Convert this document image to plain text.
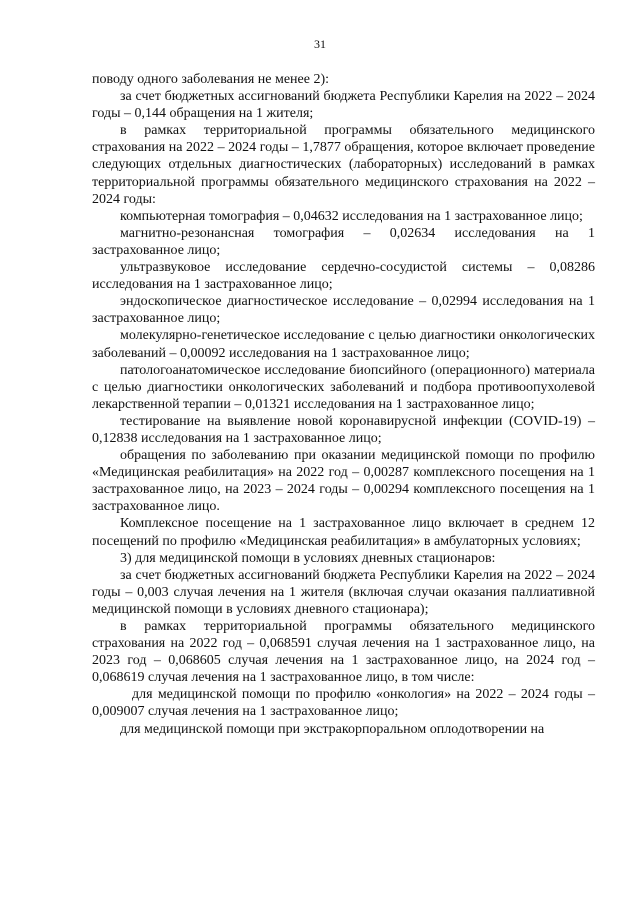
31

поводу одного заболевания не менее 2):

за счет бюджетных ассигнований бюджета Республики Карелия на 2022 – 2024 годы – 0,144 обращения на 1 жителя;

в рамках территориальной программы обязательного медицинского страхования на 2022 – 2024 годы – 1,7877 обращения, которое включает проведение следующих отдельных диагностических (лабораторных) исследований в рамках территориальной программы обязательного медицинского страхования на 2022 – 2024 годы:

компьютерная томография – 0,04632 исследования на 1 застрахованное лицо;

магнитно-резонансная томография – 0,02634 исследования на 1 застрахованное лицо;

ультразвуковое исследование сердечно-сосудистой системы – 0,08286 исследования на 1 застрахованное лицо;

эндоскопическое диагностическое исследование – 0,02994 исследования на 1 застрахованное лицо;

молекулярно-генетическое исследование с целью диагностики онкологических заболеваний – 0,00092 исследования на 1 застрахованное лицо;

патологоанатомическое исследование биопсийного (операционного) материала с целью диагностики онкологических заболеваний и подбора противоопухолевой лекарственной терапии – 0,01321 исследования на 1 застрахованное лицо;

тестирование на выявление новой коронавирусной инфекции (COVID-19) – 0,12838 исследования на 1 застрахованное лицо;

обращения по заболеванию при оказании медицинской помощи по профилю «Медицинская реабилитация» на 2022 год – 0,00287 комплексного посещения на 1 застрахованное лицо, на 2023 – 2024 годы – 0,00294 комплексного посещения на 1 застрахованное лицо.

Комплексное посещение на 1 застрахованное лицо включает в среднем 12 посещений по профилю «Медицинская реабилитация» в амбулаторных условиях;

3) для медицинской помощи в условиях дневных стационаров:

за счет бюджетных ассигнований бюджета Республики Карелия на 2022 – 2024 годы – 0,003 случая лечения на 1 жителя (включая случаи оказания паллиативной медицинской помощи в условиях дневного стационара);

в рамках территориальной программы обязательного медицинского страхования на 2022 год – 0,068591 случая лечения на 1 застрахованное лицо, на 2023 год – 0,068605 случая лечения на 1 застрахованное лицо, на 2024 год – 0,068619 случая лечения на 1 застрахованное лицо, в том числе:

для медицинской помощи по профилю «онкология» на 2022 – 2024 годы – 0,009007 случая лечения на 1 застрахованное лицо;

для медицинской помощи при экстракорпоральном оплодотворении на
